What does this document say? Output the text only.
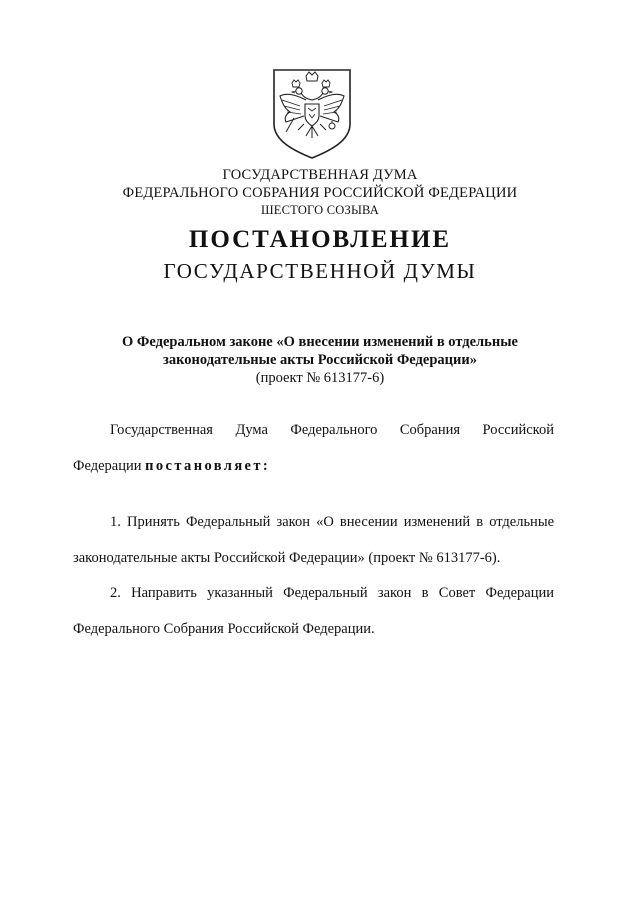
ГОСУДАРСТВЕННАЯ ДУМА
ФЕДЕРАЛЬНОГО СОБРАНИЯ РОССИЙСКОЙ ФЕДЕРАЦИИ
ШЕСТОГО СОЗЫВА
ПОСТАНОВЛЕНИЕ
ГОСУДАРСТВЕННОЙ ДУМЫ
О Федеральном законе «О внесении изменений в отдельные
законодательные акты Российской Федерации»
(проект № 613177-6)
Государственная Дума Федерального Собрания Российской
Федерации постановляет:
1. Принять Федеральный закон «О внесении изменений в отдельные
законодательные акты Российской Федерации» (проект № 613177-6).
2. Направить указанный Федеральный закон в Совет Федерации
Федерального Собрания Российской Федерации.
